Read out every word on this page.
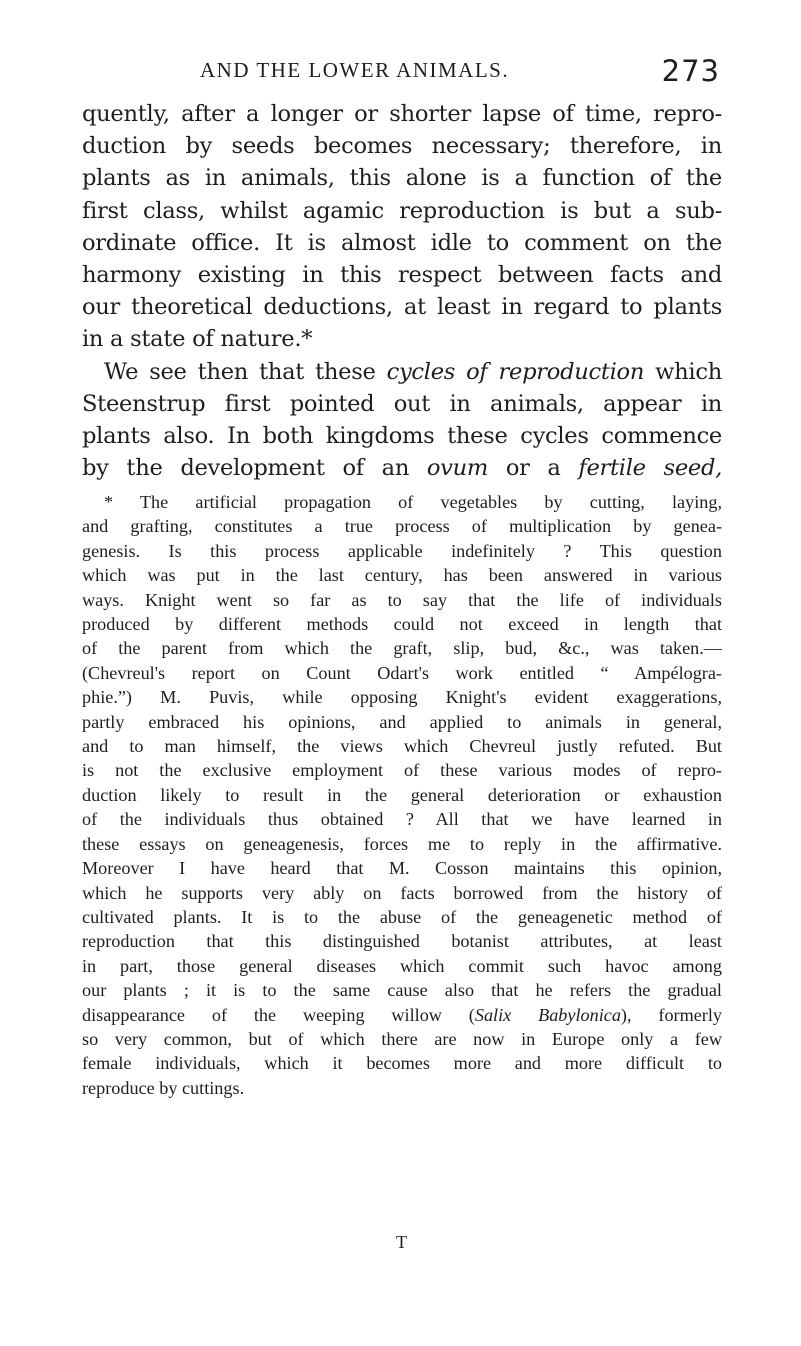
AND THE LOWER ANIMALS.	273
quently, after a longer or shorter lapse of time, repro-
duction by seeds becomes necessary; therefore, in
plants as in animals, this alone is a function of the
first class, whilst agamic reproduction is but a sub-
ordinate office. It is almost idle to comment on the
harmony existing in this respect between facts and
our theoretical deductions, at least in regard to plants
in a state of nature.*
We see then that these cycles of reproduction which
Steenstrup first pointed out in animals, appear in
plants also. In both kingdoms these cycles commence
by the development of an ovum or a fertile seed,
* The artificial propagation of vegetables by cutting, laying,
and grafting, constitutes a true process of multiplication by genea-
genesis. Is this process applicable indefinitely ? This question
which was put in the last century, has been answered in various
ways. Knight went so far as to say that the life of individuals
produced by different methods could not exceed in length that
of the parent from which the graft, slip, bud, &c., was taken.—
(Chevreul's report on Count Odart's work entitled “ Ampélogra-
phie.”) M. Puvis, while opposing Knight's evident exaggerations,
partly embraced his opinions, and applied to animals in general,
and to man himself, the views which Chevreul justly refuted. But
is not the exclusive employment of these various modes of repro-
duction likely to result in the general deterioration or exhaustion
of the individuals thus obtained ? All that we have learned in
these essays on geneagenesis, forces me to reply in the affirmative.
Moreover I have heard that M. Cosson maintains this opinion,
which he supports very ably on facts borrowed from the history of
cultivated plants. It is to the abuse of the geneagenetic method of
reproduction that this distinguished botanist attributes, at least
in part, those general diseases which commit such havoc among
our plants ; it is to the same cause also that he refers the gradual
disappearance of the weeping willow (Salix Babylonica), formerly
so very common, but of which there are now in Europe only a few
female individuals, which it becomes more and more difficult to
reproduce by cuttings.
T
